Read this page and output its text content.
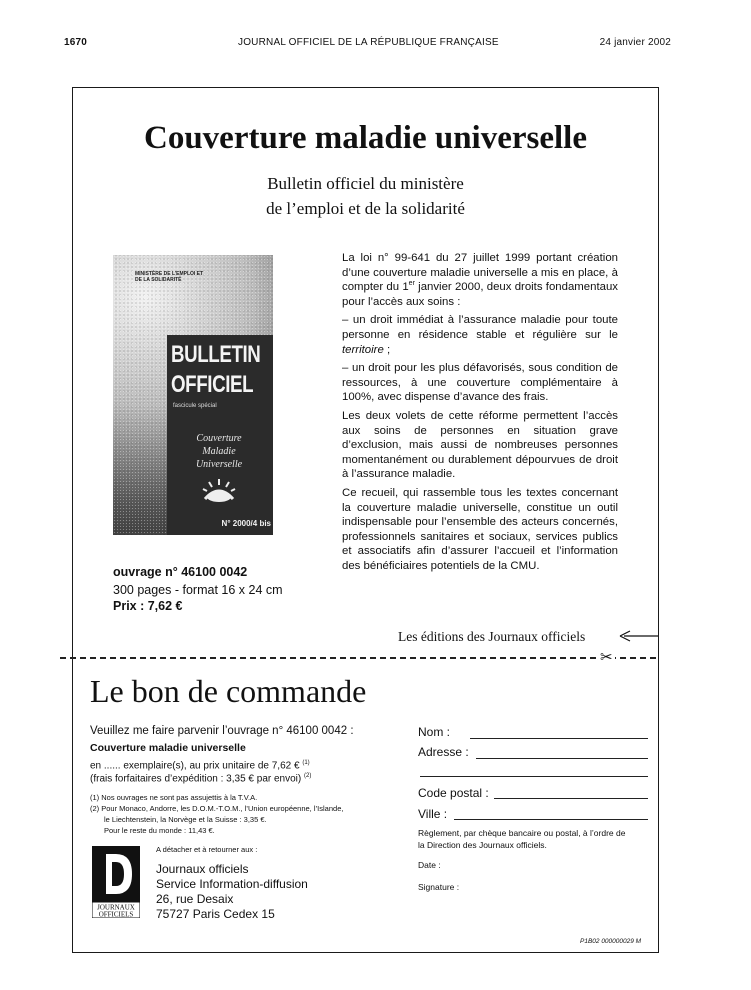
1670	JOURNAL OFFICIEL DE LA RÉPUBLIQUE FRANÇAISE	24 janvier 2002
Couverture maladie universelle
Bulletin officiel du ministère
de l’emploi et de la solidarité
MINISTÈRE DE L’EMPLOI ET DE LA SOLIDARITÉ
BULLETIN
OFFICIEL
fascicule spécial
Couverture
Maladie
Universelle
N° 2000/4 bis
ouvrage n° 46100 0042
300 pages - format 16 x 24 cm
Prix : 7,62 €

La loi n° 99-641 du 27 juillet 1999 portant création d’une couverture maladie universelle a mis en place, à compter du 1er janvier 2000, deux droits fondamentaux pour l’accès aux soins :

– un droit immédiat à l’assurance maladie pour toute personne en résidence stable et régulière sur le territoire ;

– un droit pour les plus défavorisés, sous condition de ressources, à une couverture complémentaire à 100%, avec dispense d’avance des frais.

Les deux volets de cette réforme permettent l’accès aux soins de personnes en situation grave d’exclusion, mais aussi de nombreuses personnes momentanément ou durablement dépourvues de droit à l’assurance maladie.

Ce recueil, qui rassemble tous les textes concernant la couverture maladie universelle, constitue un outil indispensable pour l’ensemble des acteurs concernés, professionnels sanitaires et sociaux, services publics et associatifs afin d’assurer l’accueil et l’information des bénéficiaires potentiels de la CMU.

Les éditions des Journaux officiels
✂
Le bon de commande
Veuillez me faire parvenir l’ouvrage n° 46100 0042 :
Couverture maladie universelle
en ...... exemplaire(s), au prix unitaire de 7,62 € $^{(1)}$
(frais forfaitaires d’expédition : 3,35 € par envoi) $^{(2)}$
(1) Nos ouvrages ne sont pas assujettis à la T.V.A.
(2) Pour Monaco, Andorre, les D.O.M.-T.O.M., l’Union européenne, l’Islande,
le Liechtenstein, la Norvège et la Suisse : 3,35 €.
Pour le reste du monde : 11,43 €.
JOURNAUX
OFFICIELS
A détacher et à retourner aux :
Journaux officiels
Service Information-diffusion
26, rue Desaix
75727 Paris Cedex 15
Nom :
Adresse :
Code postal :
Ville :
Règlement, par chèque bancaire ou postal, à l’ordre de
la Direction des Journaux officiels.
Date :
Signature :
P1B02 000000029 M
